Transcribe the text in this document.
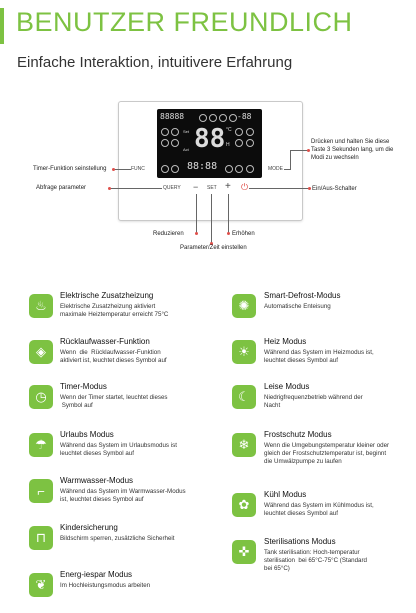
BENUTZER FREUNDLICH
Einfache Interaktion, intuitivere Erfahrung
88888	-88
Set
Act 88 °C
H
88:88
FUNC	MODE
QUERY − SET + ⏻
Timer-Funktion seinstellung
Abfrage parameter
Drücken und halten Sie diese
Taste 3 Sekunden lang, um die
Modi zu wechseln
Ein/Aus-Schalter
Reduzieren	Erhöhen
Parameter/Zeit einstellen
♨
Elektrische Zusatzheizung
Elektrische Zusatzheizung aktiviert
maximale Heiztemperatur erreicht 75°C
◈
Rücklaufwasser-Funktion
Wenn  die  Rücklaufwasser-Funktion
aktiviert ist, leuchtet dieses Symbol auf
◷
Timer-Modus
Wenn der Timer startet, leuchtet dieses
Symbol auf
☂
Urlaubs Modus
Während das System im Urlaubsmodus ist
leuchtet dieses Symbol auf
⌐
Warmwasser-Modus
Während das System im Warmwasser-Modus
ist, leuchtet dieses Symbol auf
⊓
Kindersicherung
Bildschirm sperren, zusätzliche Sicherheit
❦
Energ-iespar Modus
Im Hochleistungsmodus arbeiten
✺
Smart-Defrost-Modus
Automatische Enteisung
☀
Heiz Modus
Während das System im Heizmodus ist,
leuchtet dieses Symbol auf
☾
Leise Modus
Niedrigfrequenzbetrieb während der
Nacht
❄
Frostschutz Modus
Wenn die Umgebungstemperatur kleiner oder
gleich der Frostschutztemperatur ist, beginnt
die Umwälzpumpe zu laufen
✿
Kühl Modus
Während das System im Kühlmodus ist,
leuchtet dieses Symbol auf
✜
Sterilisations Modus
Tank sterilisation: Hoch-temperatur
sterilisation  bei 65°C-75°C (Standard
bei 65°C)
